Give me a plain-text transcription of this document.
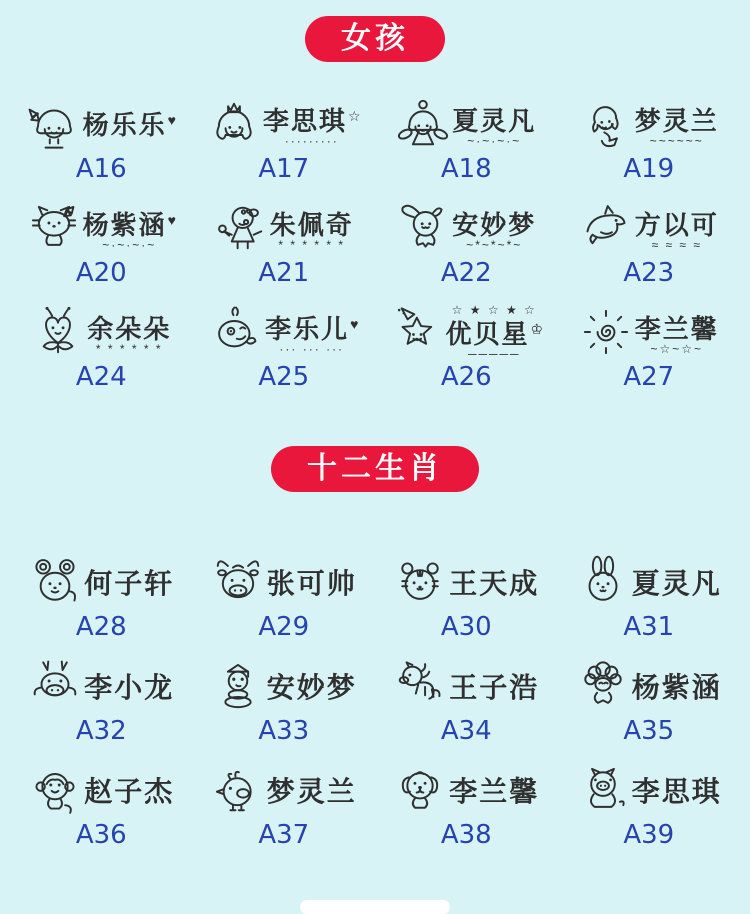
女孩
杨乐乐♥
A16
李思琪☆
·········
A17
夏灵凡
~·~·~·~
A18
梦灵兰
~~~~~~
A19
杨紫涵♥
~·~·~·~
A20
朱佩奇
* * * * * *
A21
安妙梦
~*~*~*~
A22
方以可
≈ ≈ ≈ ≈
A23
余朵朵
* * * * * *
A24
李乐儿♥
··· ··· ···
A25
☆ ★ ☆ ★ ☆
优贝星♔
─────
A26
李兰馨
~☆~☆~
A27
十二生肖
何子轩
A28
张可帅
A29
王天成
A30
夏灵凡
A31
李小龙
A32
安妙梦
A33
王子浩
A34
杨紫涵
A35
赵子杰
A36
梦灵兰
A37
李兰馨
A38
李思琪
A39
